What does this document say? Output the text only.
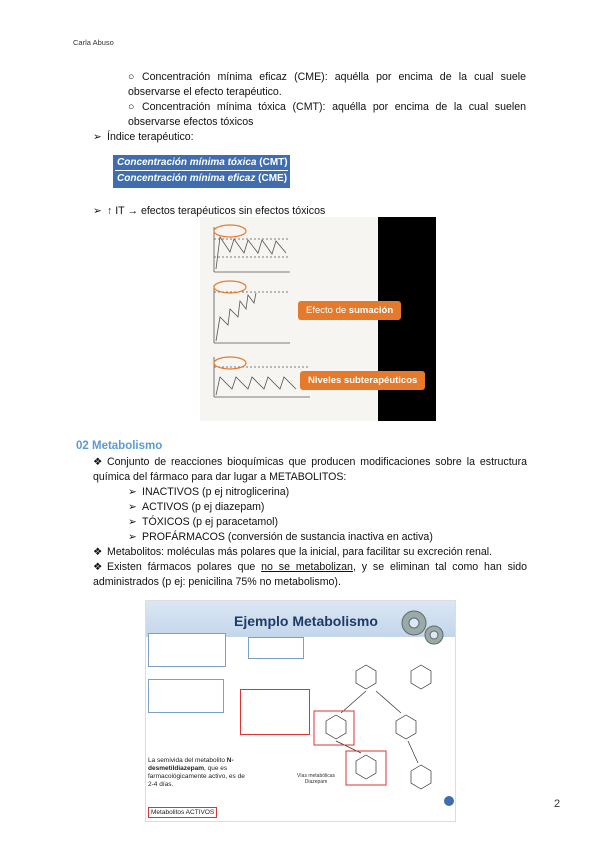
Carla Abuso
○ Concentración mínima eficaz (CME): aquélla por encima de la cual suele observarse el efecto terapéutico.
○ Concentración mínima tóxica (CMT): aquélla por encima de la cual suelen observarse efectos tóxicos
➢ Índice terapéutico:
Concentración mínima tóxica (CMT)
Concentración mínima eficaz (CME)
➢ ↑ IT → efectos terapéuticos sin efectos tóxicos
Efecto de sumación
Niveles subterapéuticos
02 Metabolismo
❖ Conjunto de reacciones bioquímicas que producen modificaciones sobre la estructura química del fármaco para dar lugar a METABOLITOS:
➢ INACTIVOS (p ej nitroglicerina)
➢ ACTIVOS (p ej diazepam)
➢ TÓXICOS (p ej paracetamol)
➢ PROFÁRMACOS (conversión de sustancia inactiva en activa)
❖ Metabolitos: moléculas más polares que la inicial, para facilitar su excreción renal.
❖ Existen fármacos polares que no se metabolizan, y se eliminan tal como han sido administrados (p ej: penicilina 75% no metabolismo).
Ejemplo Metabolismo
La semivida del metabolito N-desmetildiazepam, que es farmacológicamente activo, es de 2-4 días.
Metabolitos ACTIVOS
Vías metabólicas Diazepam
2
